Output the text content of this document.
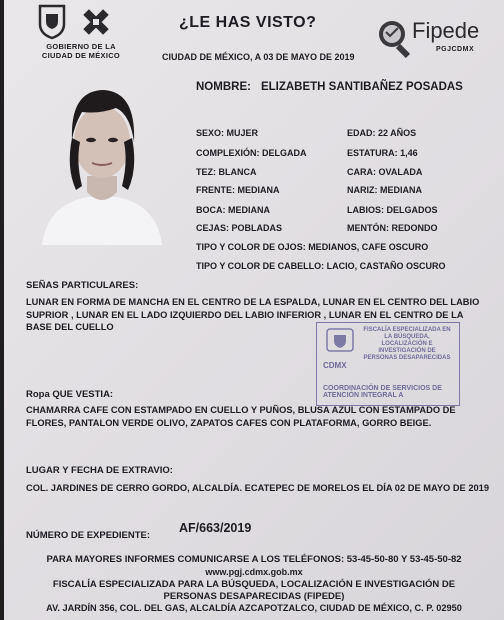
GOBIERNO DE LA
CIUDAD DE MÉXICO
¿LE HAS VISTO?
CIUDAD DE MÉXICO, A 03 DE MAYO DE 2019
Fipede
PGJCDMX
NOMBRE: ELIZABETH SANTIBAÑEZ POSADAS
SEXO: MUJER	EDAD: 22 AÑOS
COMPLEXIÓN: DELGADA	ESTATURA: 1,46
TEZ: BLANCA	CARA: OVALADA
FRENTE: MEDIANA	NARIZ: MEDIANA
BOCA: MEDIANA	LABIOS: DELGADOS
CEJAS: POBLADAS	MENTÓN: REDONDO
TIPO Y COLOR DE OJOS: MEDIANOS, CAFE OSCURO
TIPO Y COLOR DE CABELLO: LACIO, CASTAÑO OSCURO
SEÑAS PARTICULARES:
LUNAR EN FORMA DE MANCHA EN EL CENTRO DE LA ESPALDA, LUNAR EN EL CENTRO DEL LABIO SUPRIOR , LUNAR EN EL LADO IZQUIERDO DEL LABIO INFERIOR , LUNAR EN EL CENTRO DE LA BASE DEL CUELLO	FISCALÍA ESPECIALIZADA EN LA BÚSQUEDA, LOCALIZACIÓN E INVESTIGACIÓN DE PERSONAS DESAPARECIDAS
CDMX
COORDINACIÓN DE SERVICIOS DE ATENCIÓN INTEGRAL A
Ropa QUE VESTIA:
CHAMARRA CAFE CON ESTAMPADO EN CUELLO Y PUÑOS, BLUSA AZUL CON ESTAMPADO DE FLORES, PANTALON VERDE OLIVO, ZAPATOS CAFES CON PLATAFORMA, GORRO BEIGE.
LUGAR Y FECHA DE EXTRAVIO:
COL. JARDINES DE CERRO GORDO, ALCALDÍA. ECATEPEC DE MORELOS EL DÍA 02 DE MAYO DE 2019
NÚMERO DE EXPEDIENTE:
AF/663/2019
PARA MAYORES INFORMES COMUNICARSE A LOS TELÉFONOS: 53-45-50-80 Y 53-45-50-82
www.pgj.cdmx.gob.mx
FISCALÍA ESPECIALIZADA PARA LA BÚSQUEDA, LOCALIZACIÓN E INVESTIGACIÓN DE
PERSONAS DESAPARECIDAS (FIPEDE)
AV. JARDÍN 356, COL. DEL GAS, ALCALDÍA AZCAPOTZALCO, CIUDAD DE MÉXICO, C. P. 02950
